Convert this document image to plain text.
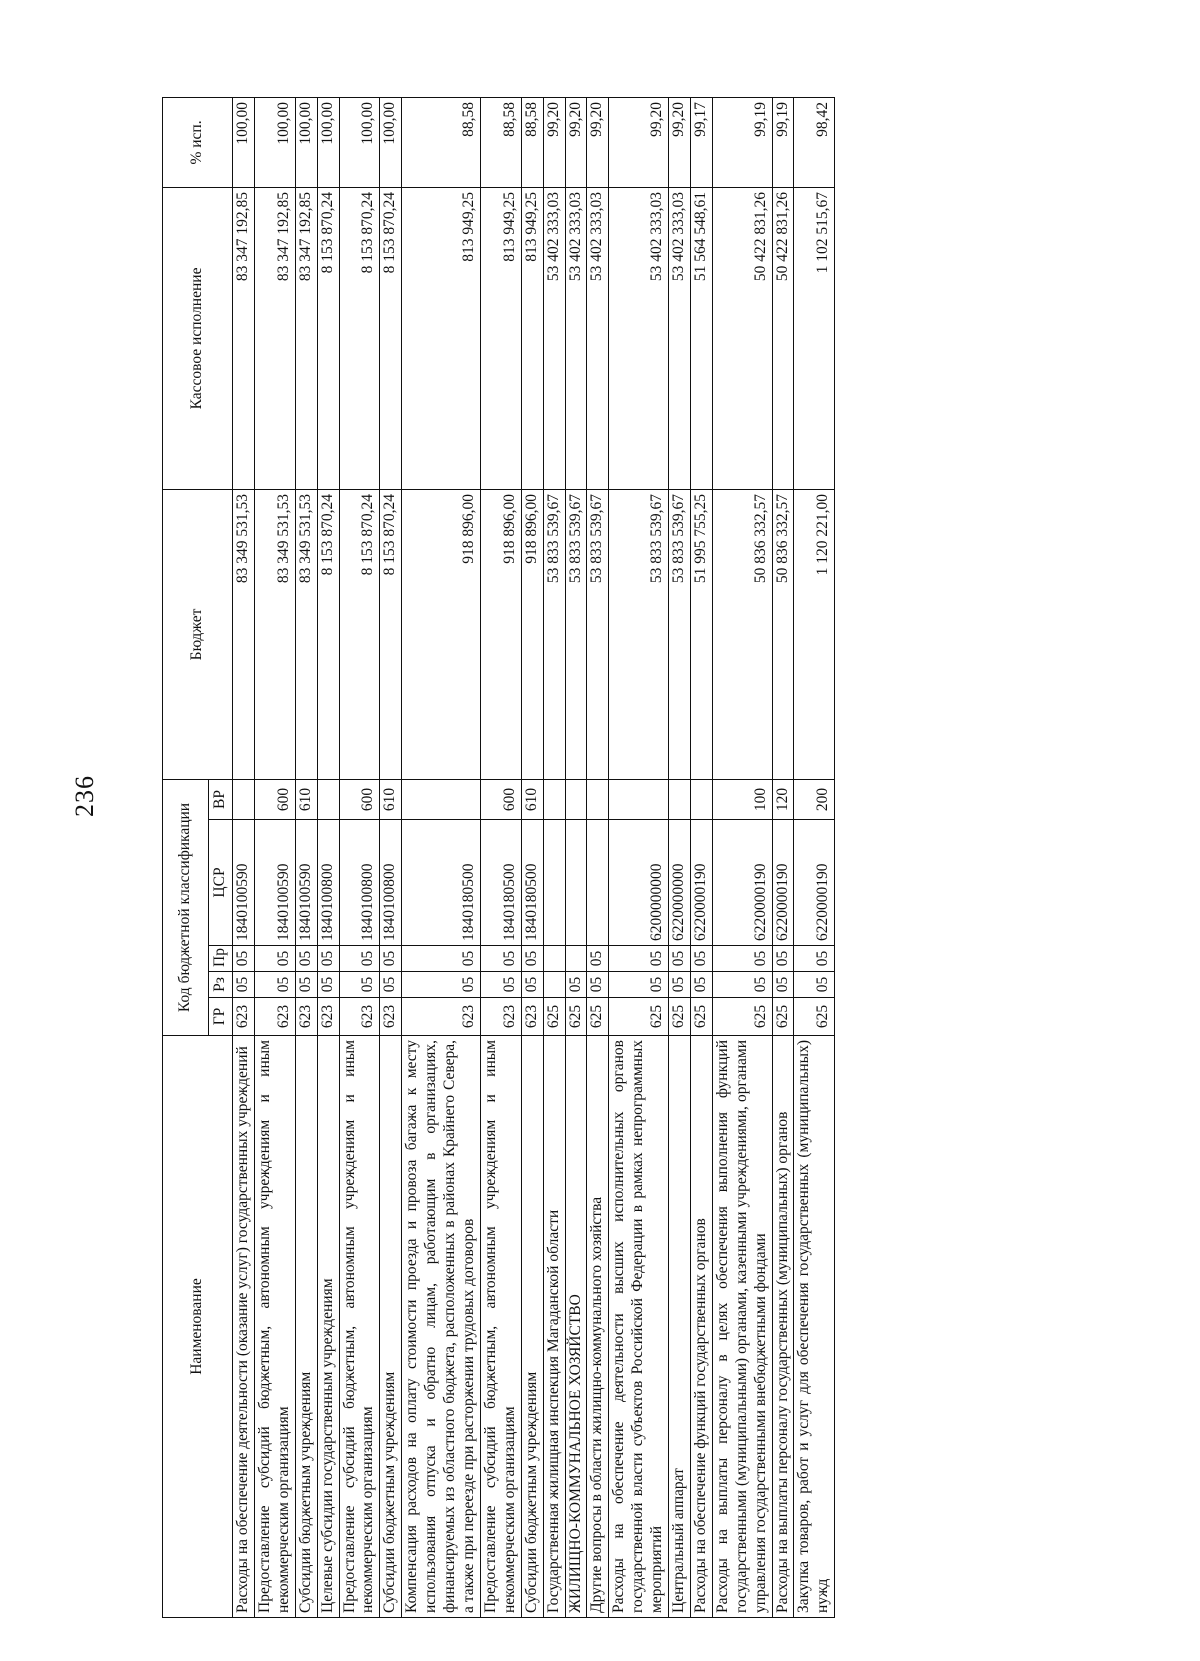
236
Наименование	Код бюджетной классификации					Бюджет	Кассовое исполнение	% исп.
	ГР	Рз	Пр	ЦСР	ВР			
Расходы на обеспечение деятельности (оказание услуг) государственных учреждений	623	05	05	1840100590		83 349 531,53	83 347 192,85	100,00
Предоставление субсидий бюджетным, автономным учреждениям и иным некоммерческим организациям	623	05	05	1840100590	600	83 349 531,53	83 347 192,85	100,00
Субсидии бюджетным учреждениям	623	05	05	1840100590	610	83 349 531,53	83 347 192,85	100,00
Целевые субсидии государственным учреждениям	623	05	05	1840100800		8 153 870,24	8 153 870,24	100,00
Предоставление субсидий бюджетным, автономным учреждениям и иным некоммерческим организациям	623	05	05	1840100800	600	8 153 870,24	8 153 870,24	100,00
Субсидии бюджетным учреждениям	623	05	05	1840100800	610	8 153 870,24	8 153 870,24	100,00
Компенсация расходов на оплату стоимости проезда и провоза багажа к месту использования отпуска и обратно лицам, работающим в организациях, финансируемых из областного бюджета, расположенных в районах Крайнего Севера, а также при переезде при расторжении трудовых договоров	623	05	05	1840180500		918 896,00	813 949,25	88,58
Предоставление субсидий бюджетным, автономным учреждениям и иным некоммерческим организациям	623	05	05	1840180500	600	918 896,00	813 949,25	88,58
Субсидии бюджетным учреждениям	623	05	05	1840180500	610	918 896,00	813 949,25	88,58
Государственная жилищная инспекция Магаданской области	625					53 833 539,67	53 402 333,03	99,20
ЖИЛИЩНО-КОММУНАЛЬНОЕ ХОЗЯЙСТВО	625	05				53 833 539,67	53 402 333,03	99,20
Другие вопросы в области жилищно-коммунального хозяйства	625	05	05			53 833 539,67	53 402 333,03	99,20
Расходы на обеспечение деятельности высших исполнительных органов государственной власти субъектов Российской Федерации в рамках непрограммных мероприятий	625	05	05	6200000000		53 833 539,67	53 402 333,03	99,20
Центральный аппарат	625	05	05	6220000000		53 833 539,67	53 402 333,03	99,20
Расходы на обеспечение функций государственных органов	625	05	05	6220000190		51 995 755,25	51 564 548,61	99,17
Расходы на выплаты персоналу в целях обеспечения выполнения функций государственными (муниципальными) органами, казенными учреждениями, органами управления государственными внебюджетными фондами	625	05	05	6220000190	100	50 836 332,57	50 422 831,26	99,19
Расходы на выплаты персоналу государственных (муниципальных) органов	625	05	05	6220000190	120	50 836 332,57	50 422 831,26	99,19
Закупка товаров, работ и услуг для обеспечения государственных (муниципальных) нужд	625	05	05	6220000190	200	1 120 221,00	1 102 515,67	98,42
